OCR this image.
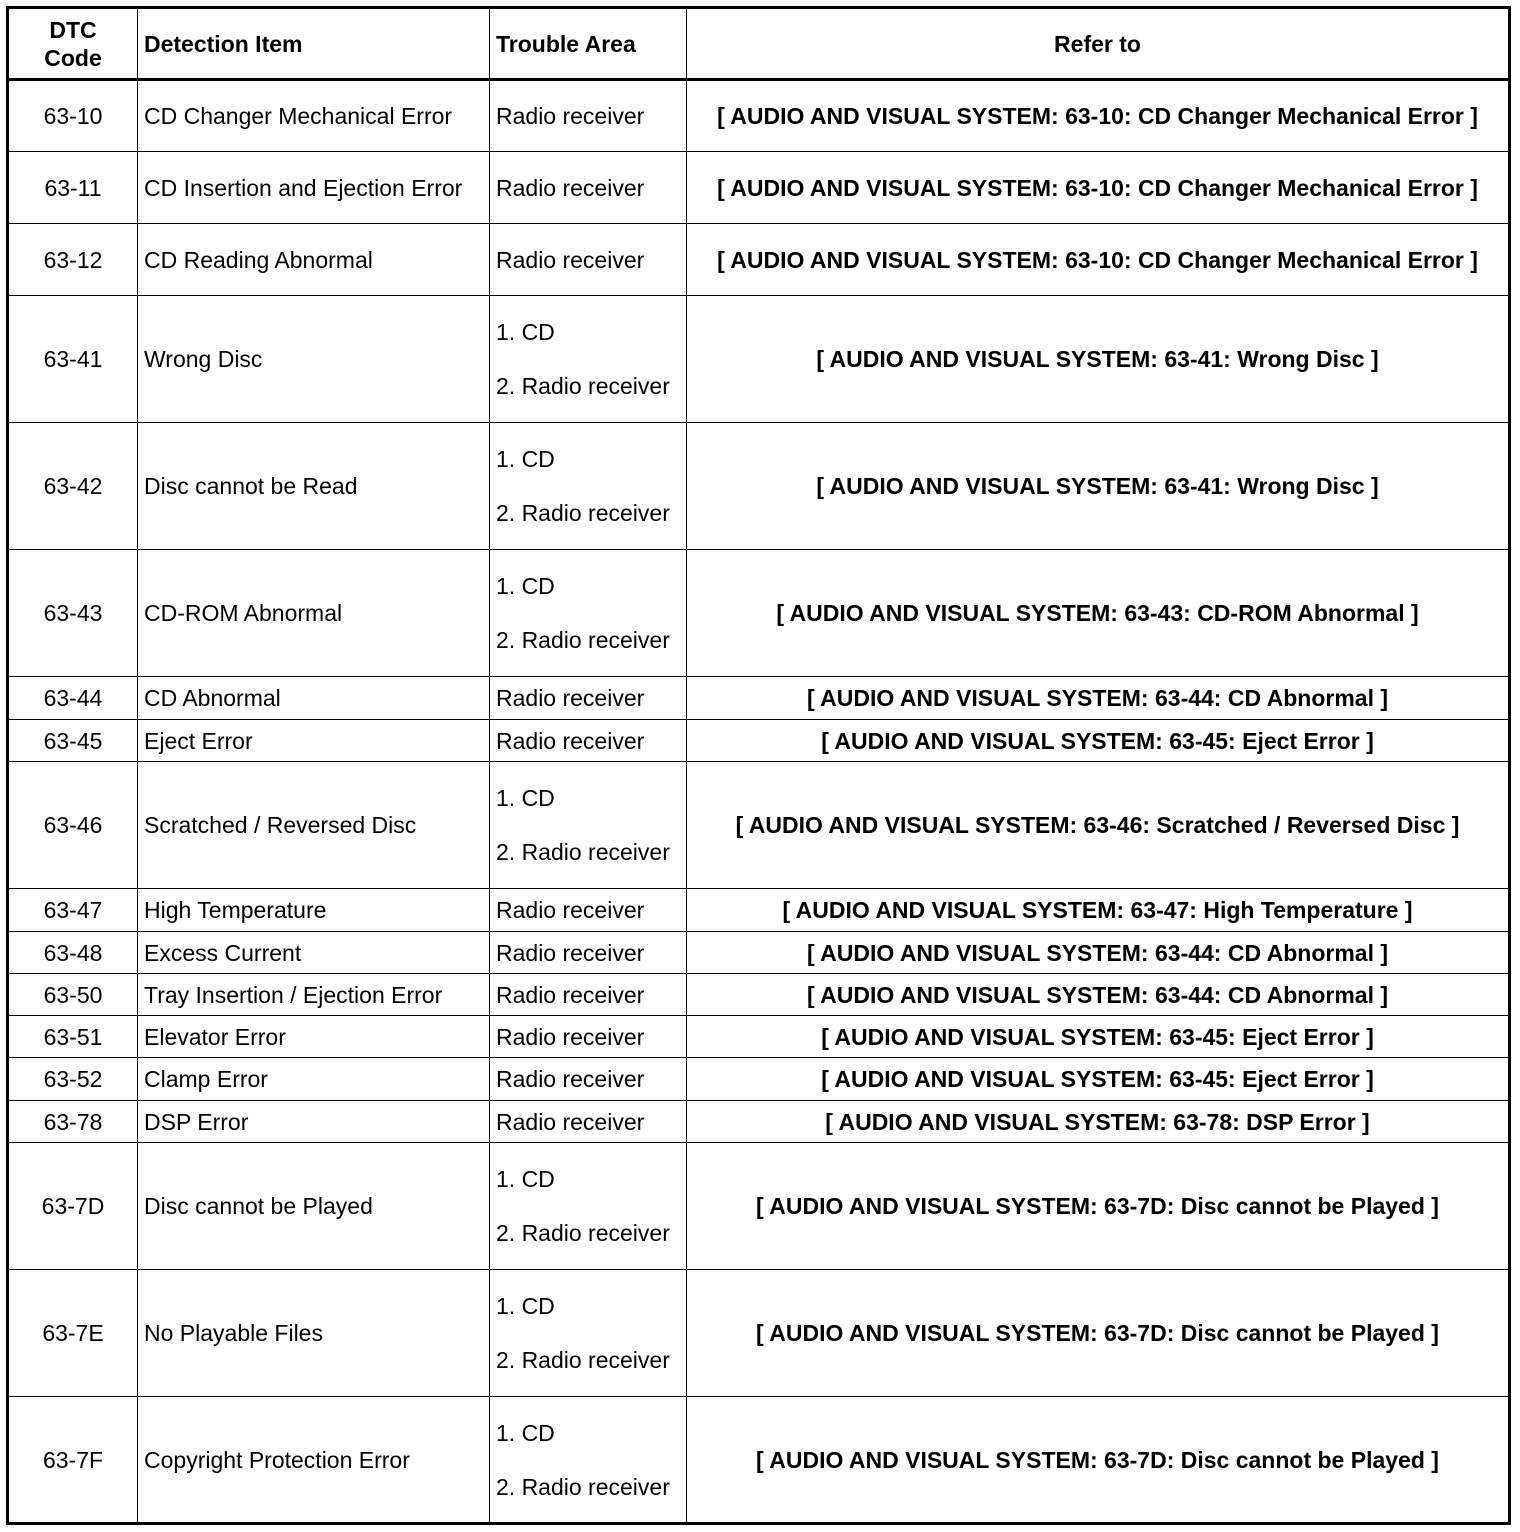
DTC
Code	Detection Item	Trouble Area	Refer to
63-10	CD Changer Mechanical Error	Radio receiver	[ AUDIO AND VISUAL SYSTEM: 63-10: CD Changer Mechanical Error ]
63-11	CD Insertion and Ejection Error	Radio receiver	[ AUDIO AND VISUAL SYSTEM: 63-10: CD Changer Mechanical Error ]
63-12	CD Reading Abnormal	Radio receiver	[ AUDIO AND VISUAL SYSTEM: 63-10: CD Changer Mechanical Error ]
63-41	Wrong Disc	1. CD
2. Radio receiver	[ AUDIO AND VISUAL SYSTEM: 63-41: Wrong Disc ]
63-42	Disc cannot be Read	1. CD
2. Radio receiver	[ AUDIO AND VISUAL SYSTEM: 63-41: Wrong Disc ]
63-43	CD-ROM Abnormal	1. CD
2. Radio receiver	[ AUDIO AND VISUAL SYSTEM: 63-43: CD-ROM Abnormal ]
63-44	CD Abnormal	Radio receiver	[ AUDIO AND VISUAL SYSTEM: 63-44: CD Abnormal ]
63-45	Eject Error	Radio receiver	[ AUDIO AND VISUAL SYSTEM: 63-45: Eject Error ]
63-46	Scratched / Reversed Disc	1. CD
2. Radio receiver	[ AUDIO AND VISUAL SYSTEM: 63-46: Scratched / Reversed Disc ]
63-47	High Temperature	Radio receiver	[ AUDIO AND VISUAL SYSTEM: 63-47: High Temperature ]
63-48	Excess Current	Radio receiver	[ AUDIO AND VISUAL SYSTEM: 63-44: CD Abnormal ]
63-50	Tray Insertion / Ejection Error	Radio receiver	[ AUDIO AND VISUAL SYSTEM: 63-44: CD Abnormal ]
63-51	Elevator Error	Radio receiver	[ AUDIO AND VISUAL SYSTEM: 63-45: Eject Error ]
63-52	Clamp Error	Radio receiver	[ AUDIO AND VISUAL SYSTEM: 63-45: Eject Error ]
63-78	DSP Error	Radio receiver	[ AUDIO AND VISUAL SYSTEM: 63-78: DSP Error ]
63-7D	Disc cannot be Played	1. CD
2. Radio receiver	[ AUDIO AND VISUAL SYSTEM: 63-7D: Disc cannot be Played ]
63-7E	No Playable Files	1. CD
2. Radio receiver	[ AUDIO AND VISUAL SYSTEM: 63-7D: Disc cannot be Played ]
63-7F	Copyright Protection Error	1. CD
2. Radio receiver	[ AUDIO AND VISUAL SYSTEM: 63-7D: Disc cannot be Played ]
